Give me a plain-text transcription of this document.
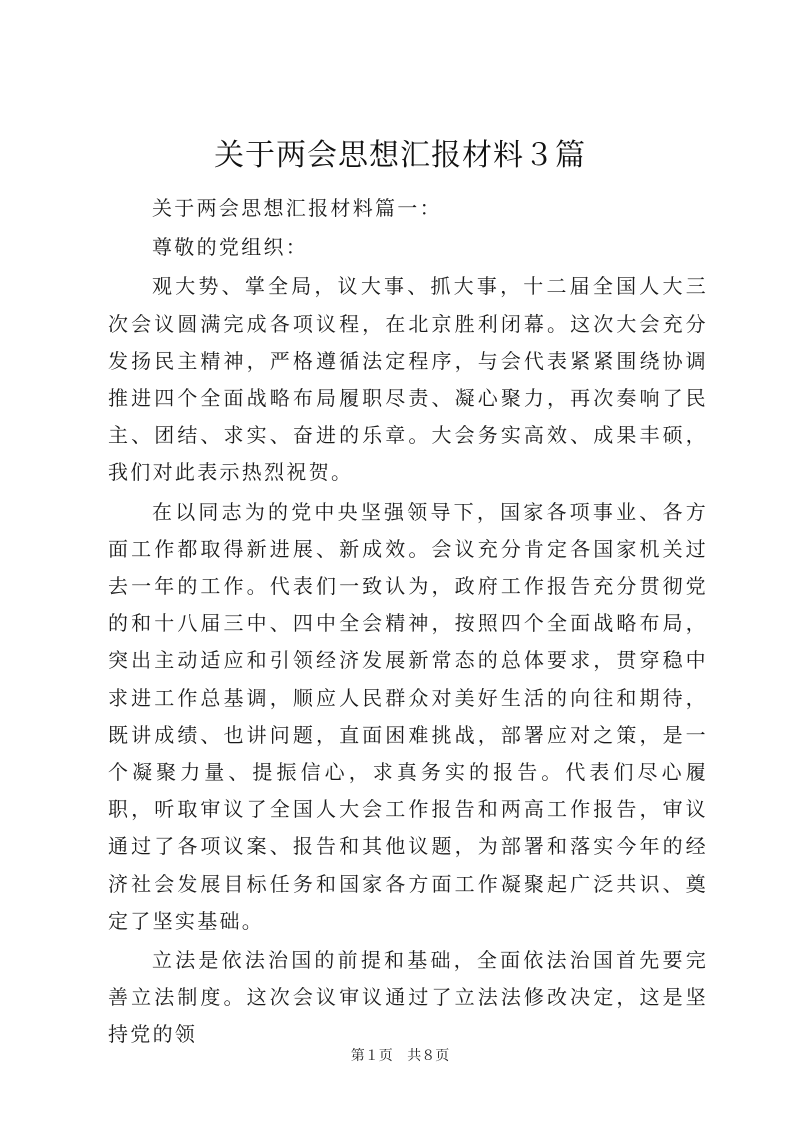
关于两会思想汇报材料３篇

关于两会思想汇报材料篇一：

尊敬的党组织：

观大势、掌全局，议大事、抓大事，十二届全国人大三次会议圆满完成各项议程，在北京胜利闭幕。这次大会充分发扬民主精神，严格遵循法定程序，与会代表紧紧围绕协调推进四个全面战略布局履职尽责、凝心聚力，再次奏响了民主、团结、求实、奋进的乐章。大会务实高效、成果丰硕，我们对此表示热烈祝贺。

在以同志为的党中央坚强领导下，国家各项事业、各方面工作都取得新进展、新成效。会议充分肯定各国家机关过去一年的工作。代表们一致认为，政府工作报告充分贯彻党的和十八届三中、四中全会精神，按照四个全面战略布局，突出主动适应和引领经济发展新常态的总体要求，贯穿稳中求进工作总基调，顺应人民群众对美好生活的向往和期待，既讲成绩、也讲问题，直面困难挑战，部署应对之策，是一个凝聚力量、提振信心，求真务实的报告。代表们尽心履职，听取审议了全国人大会工作报告和两高工作报告，审议通过了各项议案、报告和其他议题，为部署和落实今年的经济社会发展目标任务和国家各方面工作凝聚起广泛共识、奠定了坚实基础。

立法是依法治国的前提和基础，全面依法治国首先要完善立法制度。这次会议审议通过了立法法修改决定，这是坚持党的领

第１页 共８页
